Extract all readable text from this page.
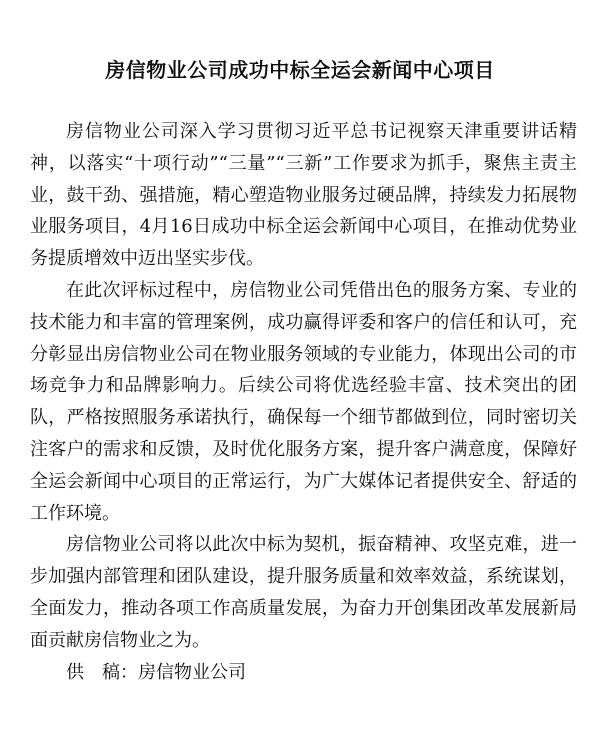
房信物业公司成功中标全运会新闻中心项目

房信物业公司深入学习贯彻习近平总书记视察天津重要讲话精神，以落实“十项行动”“三量”“三新”工作要求为抓手，聚焦主责主业，鼓干劲、强措施，精心塑造物业服务过硬品牌，持续发力拓展物业服务项目，4月16日成功中标全运会新闻中心项目，在推动优势业务提质增效中迈出坚实步伐。

在此次评标过程中，房信物业公司凭借出色的服务方案、专业的技术能力和丰富的管理案例，成功赢得评委和客户的信任和认可，充分彰显出房信物业公司在物业服务领域的专业能力，体现出公司的市场竞争力和品牌影响力。后续公司将优选经验丰富、技术突出的团队，严格按照服务承诺执行，确保每一个细节都做到位，同时密切关注客户的需求和反馈，及时优化服务方案，提升客户满意度，保障好全运会新闻中心项目的正常运行，为广大媒体记者提供安全、舒适的工作环境。

房信物业公司将以此次中标为契机，振奋精神、攻坚克难，进一步加强内部管理和团队建设，提升服务质量和效率效益，系统谋划，全面发力，推动各项工作高质量发展，为奋力开创集团改革发展新局面贡献房信物业之为。

供　稿：房信物业公司
